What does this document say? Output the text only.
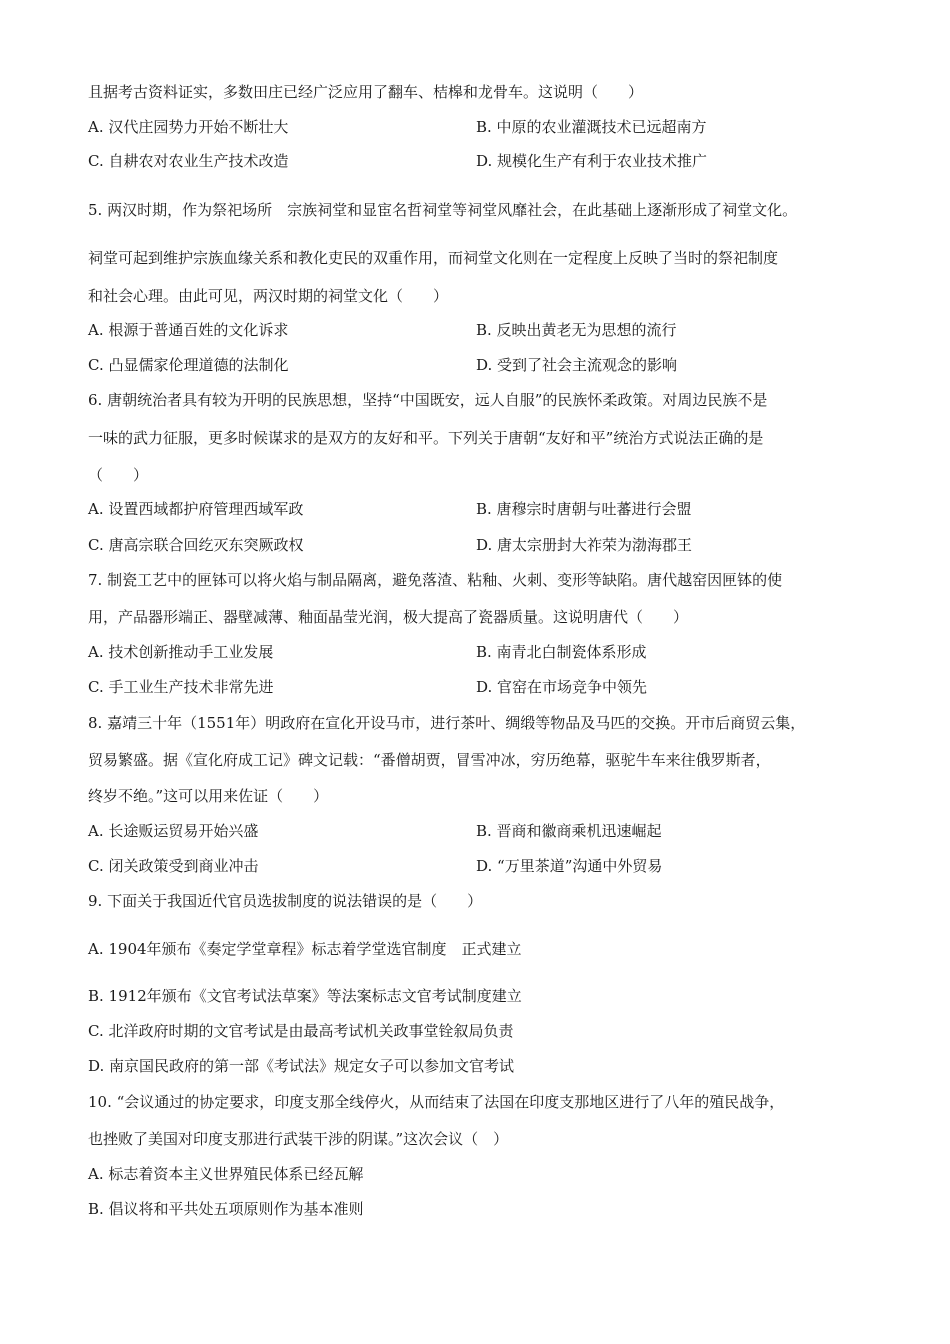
且据考古资料证实，多数田庄已经广泛应用了翻车、桔槔和龙骨车。这说明（　　）
A. 汉代庄园势力开始不断壮大	B. 中原的农业灌溉技术已远超南方
C. 自耕农对农业生产技术改造	D. 规模化生产有利于农业技术推广
5. 两汉时期，作为祭祀场所　宗族祠堂和显宦名哲祠堂等祠堂风靡社会，在此基础上逐渐形成了祠堂文化。
祠堂可起到维护宗族血缘关系和教化吏民的双重作用，而祠堂文化则在一定程度上反映了当时的祭祀制度
和社会心理。由此可见，两汉时期的祠堂文化（　　）
A. 根源于普通百姓的文化诉求	B. 反映出黄老无为思想的流行
C. 凸显儒家伦理道德的法制化	D. 受到了社会主流观念的影响
6. 唐朝统治者具有较为开明的民族思想，坚持“中国既安，远人自服”的民族怀柔政策。对周边民族不是
一味的武力征服，更多时候谋求的是双方的友好和平。下列关于唐朝“友好和平”统治方式说法正确的是
（　　）
A. 设置西域都护府管理西域军政	B. 唐穆宗时唐朝与吐蕃进行会盟
C. 唐高宗联合回纥灭东突厥政权	D. 唐太宗册封大祚荣为渤海郡王
7. 制瓷工艺中的匣钵可以将火焰与制品隔离，避免落渣、粘釉、火刺、变形等缺陷。唐代越窑因匣钵的使
用，产品器形端正、器壁减薄、釉面晶莹光润，极大提高了瓷器质量。这说明唐代（　　）
A. 技术创新推动手工业发展	B. 南青北白制瓷体系形成
C. 手工业生产技术非常先进	D. 官窑在市场竞争中领先
8. 嘉靖三十年（1551年）明政府在宣化开设马市，进行茶叶、绸缎等物品及马匹的交换。开市后商贸云集，
贸易繁盛。据《宣化府成工记》碑文记载：“番僧胡贾，冒雪冲冰，穷历绝幕，驱驼牛车来往俄罗斯者，
终岁不绝。”这可以用来佐证（　　）
A. 长途贩运贸易开始兴盛	B. 晋商和徽商乘机迅速崛起
C. 闭关政策受到商业冲击	D. “万里茶道”沟通中外贸易
9. 下面关于我国近代官员选拔制度的说法错误的是（　　）
A. 1904年颁布《奏定学堂章程》标志着学堂选官制度　正式建立
B. 1912年颁布《文官考试法草案》等法案标志文官考试制度建立
C. 北洋政府时期的文官考试是由最高考试机关政事堂铨叙局负责
D. 南京国民政府的第一部《考试法》规定女子可以参加文官考试
10. “会议通过的协定要求，印度支那全线停火，从而结束了法国在印度支那地区进行了八年的殖民战争，
也挫败了美国对印度支那进行武装干涉的阴谋。”这次会议（　）
A. 标志着资本主义世界殖民体系已经瓦解
B. 倡议将和平共处五项原则作为基本准则
